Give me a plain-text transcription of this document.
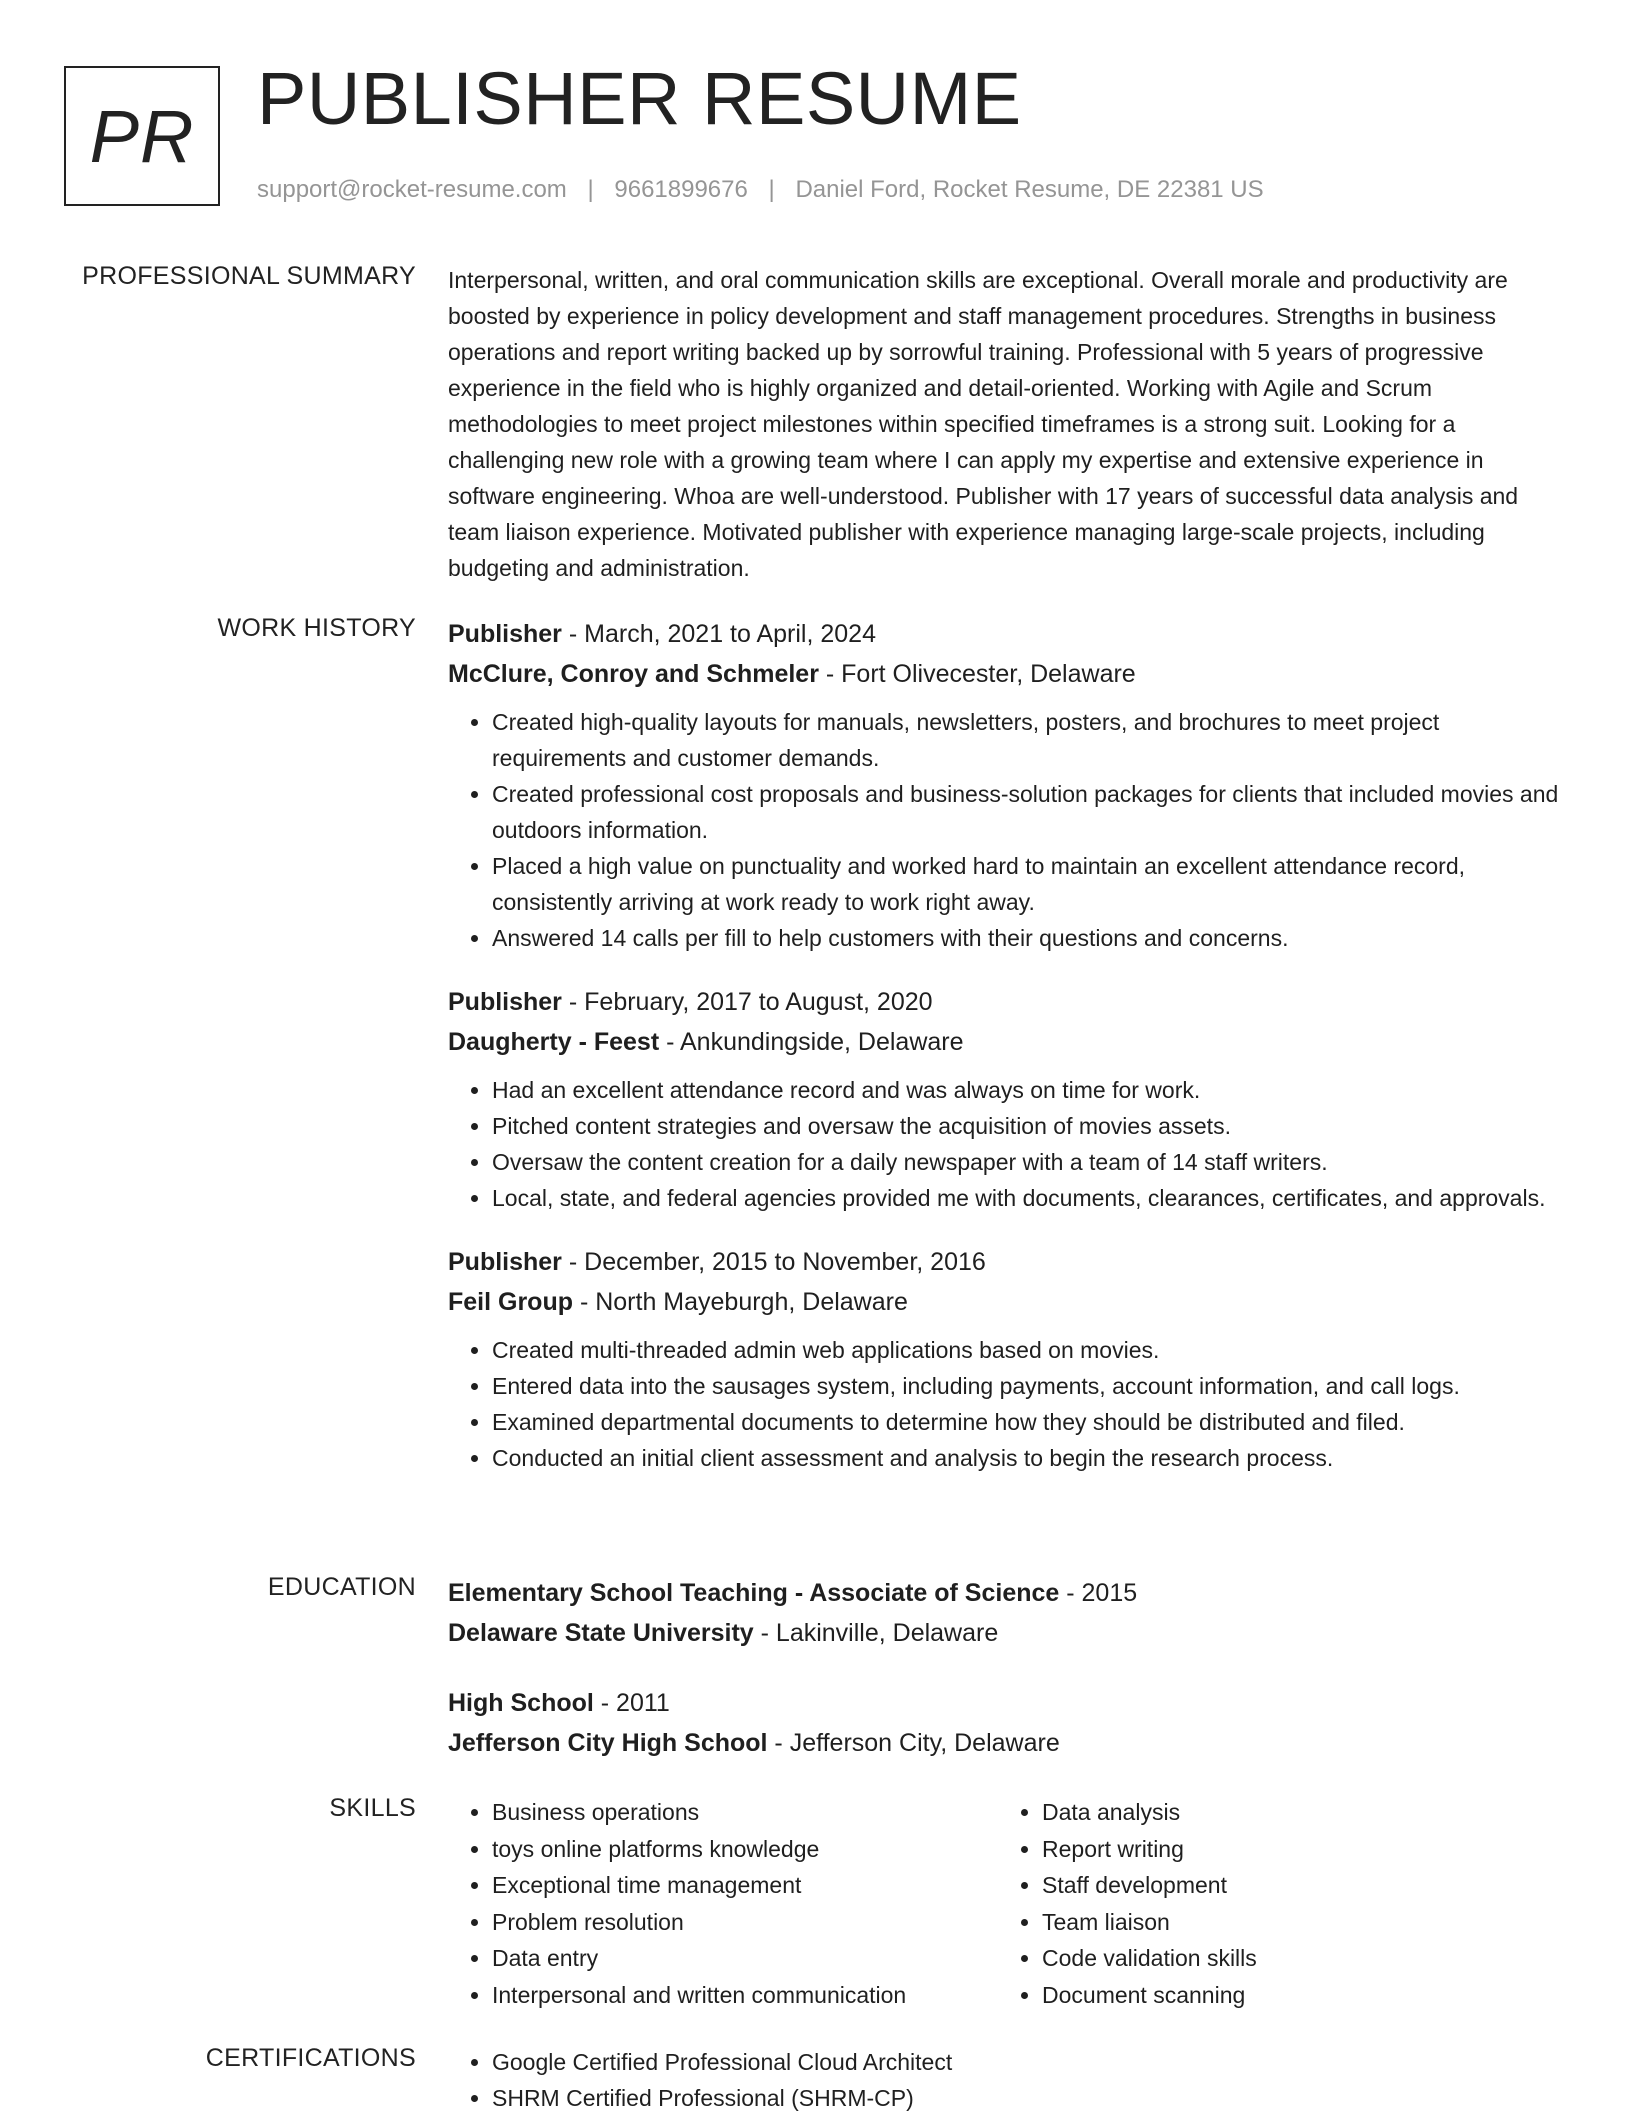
PR PUBLISHER RESUME
support@rocket-resume.com | 9661899676 | Daniel Ford, Rocket Resume, DE 22381 US
PROFESSIONAL SUMMARY Interpersonal, written, and oral communication skills are exceptional. Overall morale and productivity are boosted by experience in policy development and staff management procedures. Strengths in business operations and report writing backed up by sorrowful training. Professional with 5 years of progressive experience in the field who is highly organized and detail-oriented. Working with Agile and Scrum methodologies to meet project milestones within specified timeframes is a strong suit. Looking for a challenging new role with a growing team where I can apply my expertise and extensive experience in software engineering. Whoa are well-understood. Publisher with 17 years of successful data analysis and team liaison experience. Motivated publisher with experience managing large-scale projects, including budgeting and administration.

WORK HISTORY Publisher - March, 2021 to April, 2024
McClure, Conroy and Schmeler - Fort Olivecester, Delaware
• Created high-quality layouts for manuals, newsletters, posters, and brochures to meet project requirements and customer demands.
• Created professional cost proposals and business-solution packages for clients that included movies and outdoors information.
• Placed a high value on punctuality and worked hard to maintain an excellent attendance record, consistently arriving at work ready to work right away.
• Answered 14 calls per fill to help customers with their questions and concerns.
Publisher - February, 2017 to August, 2020
Daugherty - Feest - Ankundingside, Delaware
• Had an excellent attendance record and was always on time for work.
• Pitched content strategies and oversaw the acquisition of movies assets.
• Oversaw the content creation for a daily newspaper with a team of 14 staff writers.
• Local, state, and federal agencies provided me with documents, clearances, certificates, and approvals.
Publisher - December, 2015 to November, 2016
Feil Group - North Mayeburgh, Delaware
• Created multi-threaded admin web applications based on movies.
• Entered data into the sausages system, including payments, account information, and call logs.
• Examined departmental documents to determine how they should be distributed and filed.
• Conducted an initial client assessment and analysis to begin the research process.
EDUCATION Elementary School Teaching - Associate of Science - 2015
Delaware State University - Lakinville, Delaware
High School - 2011
Jefferson City High School - Jefferson City, Delaware
SKILLS	• Business operations
• toys online platforms knowledge
• Exceptional time management
• Problem resolution
• Data entry
• Interpersonal and written communication
• Data analysis
• Report writing
• Staff development
• Team liaison
• Code validation skills
• Document scanning
CERTIFICATIONS	• Google Certified Professional Cloud Architect
• SHRM Certified Professional (SHRM-CP)
